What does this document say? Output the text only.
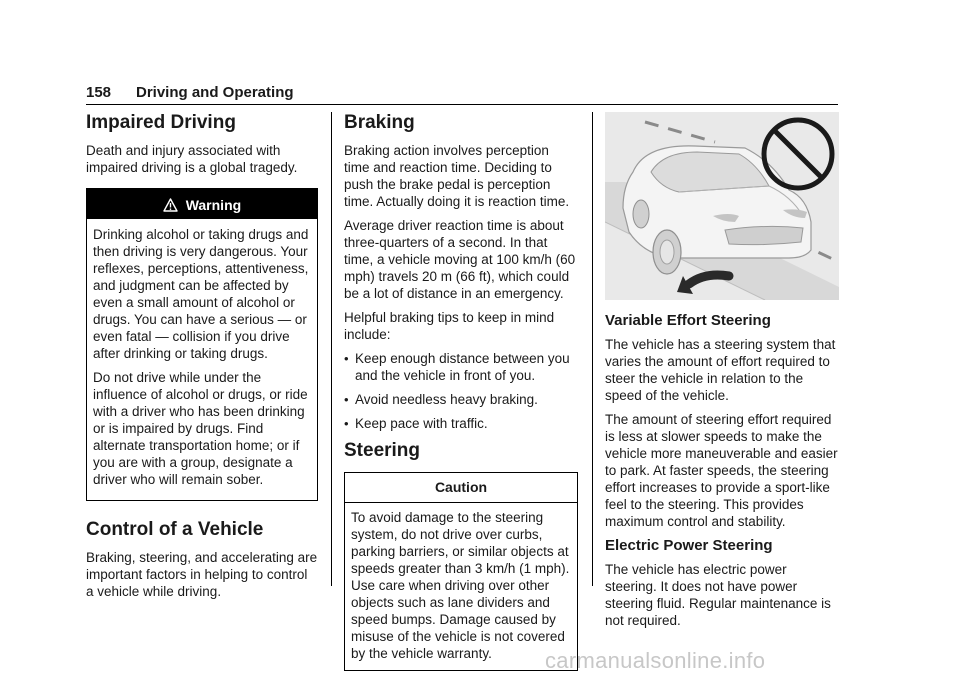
158 Driving and Operating
Impaired Driving

Death and injury associated with impaired driving is a global tragedy.

Warning

Drinking alcohol or taking drugs and then driving is very dangerous. Your reflexes, perceptions, attentiveness, and judgment can be affected by even a small amount of alcohol or drugs. You can have a serious — or even fatal — collision if you drive after drinking or taking drugs.

Do not drive while under the influence of alcohol or drugs, or ride with a driver who has been drinking or is impaired by drugs. Find alternate transportation home; or if you are with a group, designate a driver who will remain sober.

Control of a Vehicle

Braking, steering, and accelerating are important factors in helping to control a vehicle while driving.

Braking

Braking action involves perception time and reaction time. Deciding to push the brake pedal is perception time. Actually doing it is reaction time.

Average driver reaction time is about three-quarters of a second. In that time, a vehicle moving at 100 km/h (60 mph) travels 20 m (66 ft), which could be a lot of distance in an emergency.

Helpful braking tips to keep in mind include:

• Keep enough distance between you and the vehicle in front of you.
• Avoid needless heavy braking.
• Keep pace with traffic.
Steering
Caution

To avoid damage to the steering system, do not drive over curbs, parking barriers, or similar objects at speeds greater than 3 km/h (1 mph). Use care when driving over other objects such as lane dividers and speed bumps. Damage caused by misuse of the vehicle is not covered by the vehicle warranty.

Variable Effort Steering

The vehicle has a steering system that varies the amount of effort required to steer the vehicle in relation to the speed of the vehicle.

The amount of steering effort required is less at slower speeds to make the vehicle more maneuverable and easier to park. At faster speeds, the steering effort increases to provide a sport-like feel to the steering. This provides maximum control and stability.

Electric Power Steering

The vehicle has electric power steering. It does not have power steering fluid. Regular maintenance is not required.

carmanualsonline.info
